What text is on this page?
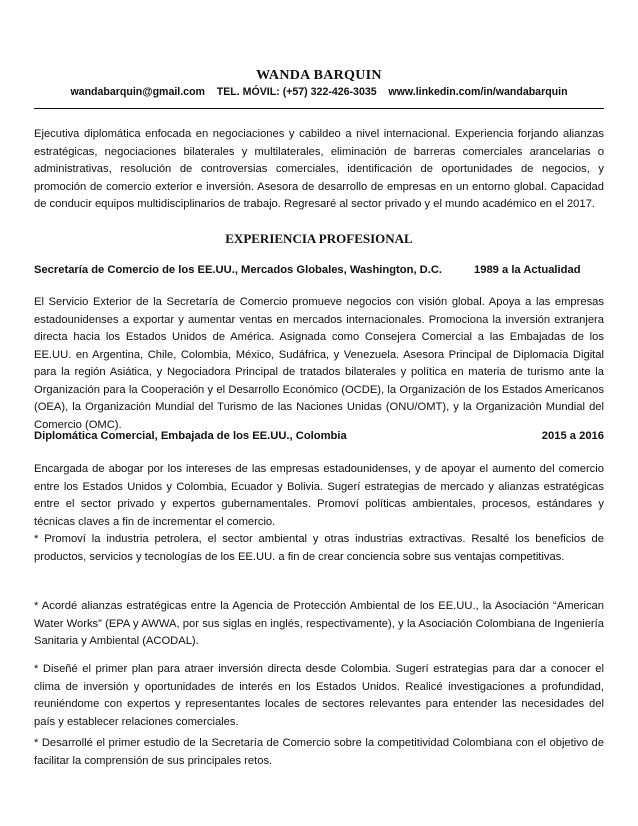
WANDA BARQUIN
wandabarquin@gmail.com TEL. MÓVIL: (+57) 322-426-3035 www.linkedin.com/in/wandabarquin

Ejecutiva diplomática enfocada en negociaciones y cabildeo a nivel internacional. Experiencia forjando alianzas estratégicas, negociaciones bilaterales y multilaterales, eliminación de barreras comerciales arancelarias o administrativas, resolución de controversias comerciales, identificación de oportunidades de negocios, y promoción de comercio exterior e inversión. Asesora de desarrollo de empresas en un entorno global. Capacidad de conducir equipos multidisciplinarios de trabajo. Regresaré al sector privado y el mundo académico en el 2017.

EXPERIENCIA PROFESIONAL
Secretaría de Comercio de los EE.UU., Mercados Globales, Washington, D.C.	1989 a la Actualidad

El Servicio Exterior de la Secretaría de Comercio promueve negocios con visión global. Apoya a las empresas estadounidenses a exportar y aumentar ventas en mercados internacionales. Promociona la inversión extranjera directa hacia los Estados Unidos de América. Asignada como Consejera Comercial a las Embajadas de los EE.UU. en Argentina, Chile, Colombia, México, Sudáfrica, y Venezuela. Asesora Principal de Diplomacia Digital para la región Asiática, y Negociadora Principal de tratados bilaterales y política en materia de turismo ante la Organización para la Cooperación y el Desarrollo Económico (OCDE), la Organización de los Estados Americanos (OEA), la Organización Mundial del Turismo de las Naciones Unidas (ONU/OMT), y la Organización Mundial del Comercio (OMC).

Diplomática Comercial, Embajada de los EE.UU., Colombia	2015 a 2016

Encargada de abogar por los intereses de las empresas estadounidenses, y de apoyar el aumento del comercio entre los Estados Unidos y Colombia, Ecuador y Bolivia. Sugerí estrategias de mercado y alianzas estratégicas entre el sector privado y expertos gubernamentales. Promoví políticas ambientales, procesos, estándares y técnicas claves a fin de incrementar el comercio.

* Promoví la industria petrolera, el sector ambiental y otras industrias extractivas. Resalté los beneficios de productos, servicios y tecnologías de los EE.UU. a fin de crear conciencia sobre sus ventajas competitivas.

* Acordé alianzas estratégicas entre la Agencia de Protección Ambiental de los EE.UU., la Asociación “American Water Works” (EPA y AWWA, por sus siglas en inglés, respectivamente), y la Asociación Colombiana de Ingeniería Sanitaria y Ambiental (ACODAL).

* Diseñé el primer plan para atraer inversión directa desde Colombia. Sugerí estrategias para dar a conocer el clima de inversión y oportunidades de interés en los Estados Unidos. Realicé investigaciones a profundidad, reuniéndome con expertos y representantes locales de sectores relevantes para entender las necesidades del país y establecer relaciones comerciales.

* Desarrollé el primer estudio de la Secretaría de Comercio sobre la competitividad Colombiana con el objetivo de facilitar la comprensión de sus principales retos.
